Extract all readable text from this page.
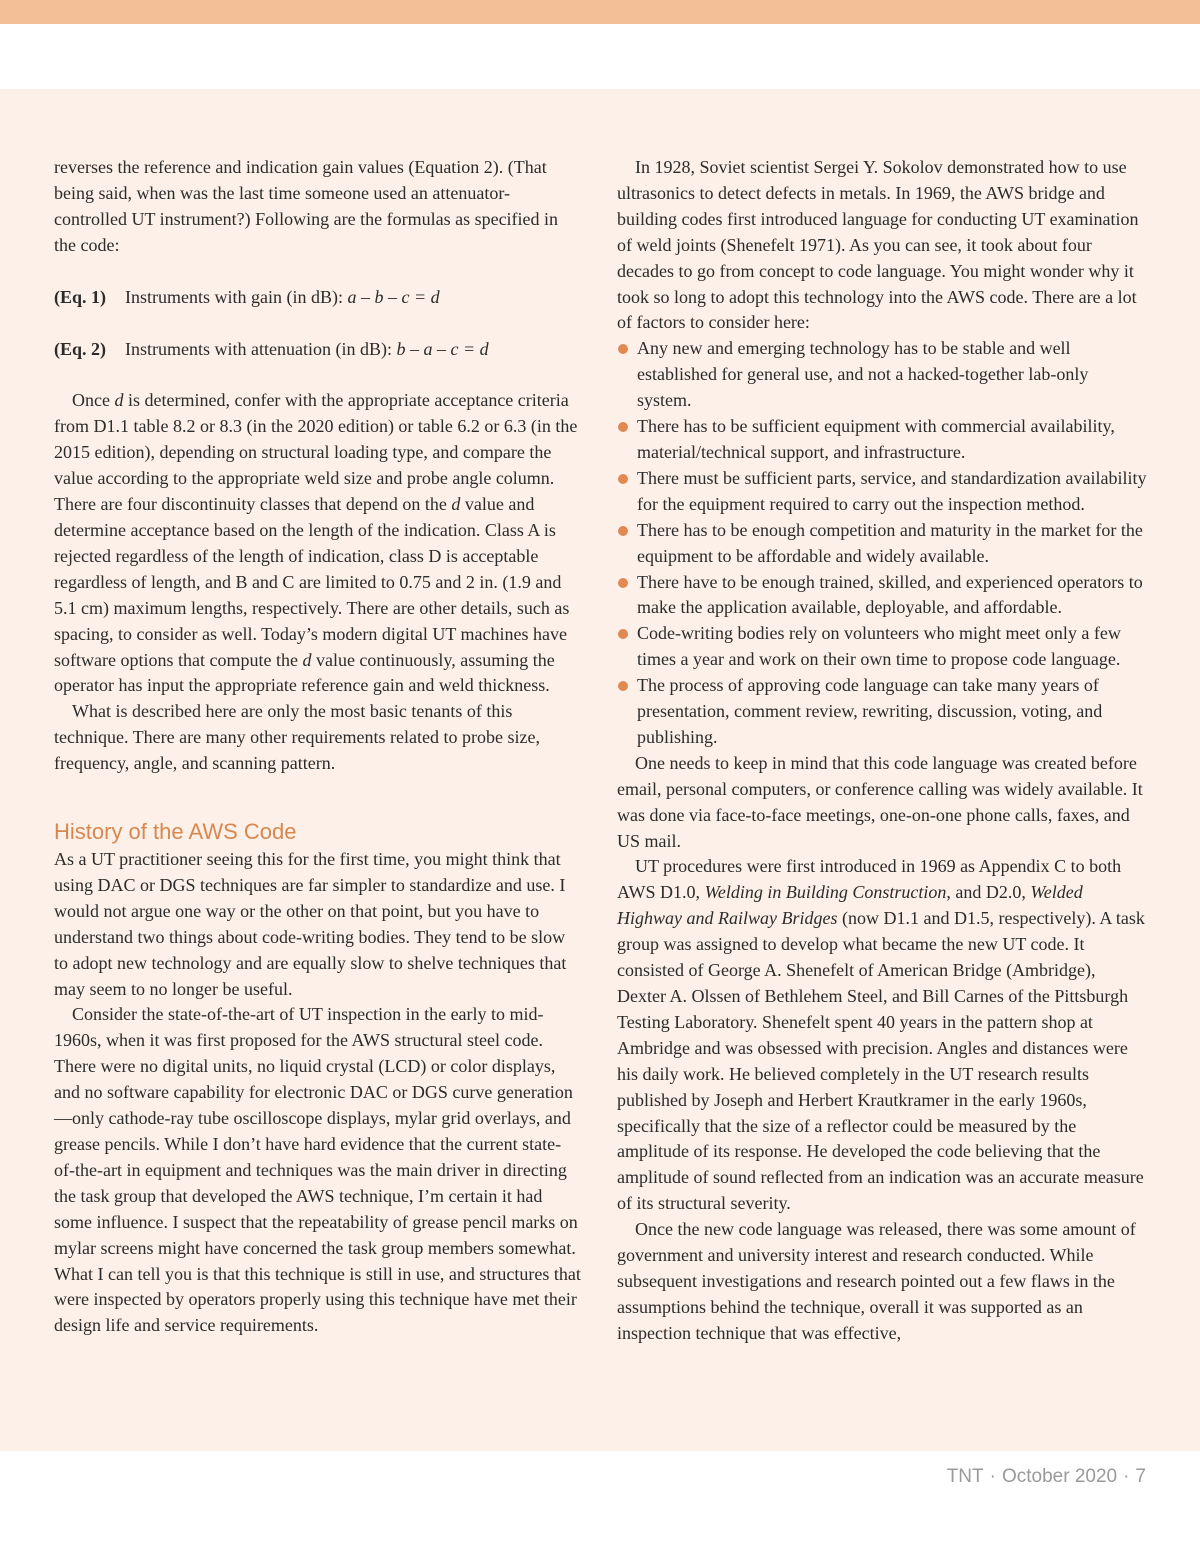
reverses the reference and indication gain values (Equation 2). (That being said, when was the last time someone used an attenuator-controlled UT instrument?) Following are the formulas as specified in the code:

(Eq. 1) Instruments with gain (in dB): a – b – c = d

(Eq. 2) Instruments with attenuation (in dB): b – a – c = d

Once d is determined, confer with the appropriate acceptance criteria from D1.1 table 8.2 or 8.3 (in the 2020 edition) or table 6.2 or 6.3 (in the 2015 edition), depending on structural loading type, and compare the value according to the appropriate weld size and probe angle column. There are four discontinuity classes that depend on the d value and determine acceptance based on the length of the indication. Class A is rejected regardless of the length of indication, class D is acceptable regardless of length, and B and C are limited to 0.75 and 2 in. (1.9 and 5.1 cm) maximum lengths, respectively. There are other details, such as spacing, to consider as well. Today’s modern digital UT machines have software options that compute the d value continuously, assuming the operator has input the appropriate reference gain and weld thickness.

What is described here are only the most basic tenants of this technique. There are many other requirements related to probe size, frequency, angle, and scanning pattern.

History of the AWS Code

As a UT practitioner seeing this for the first time, you might think that using DAC or DGS techniques are far simpler to standardize and use. I would not argue one way or the other on that point, but you have to understand two things about code-writing bodies. They tend to be slow to adopt new technology and are equally slow to shelve techniques that may seem to no longer be useful.

Consider the state-of-the-art of UT inspection in the early to mid-1960s, when it was first proposed for the AWS structural steel code. There were no digital units, no liquid crystal (LCD) or color displays, and no software capability for electronic DAC or DGS curve generation—only cathode-ray tube oscilloscope displays, mylar grid overlays, and grease pencils. While I don’t have hard evidence that the current state-of-the-art in equipment and techniques was the main driver in directing the task group that developed the AWS technique, I’m certain it had some influence. I suspect that the repeatability of grease pencil marks on mylar screens might have concerned the task group members somewhat. What I can tell you is that this technique is still in use, and structures that were inspected by operators properly using this technique have met their design life and service requirements.

In 1928, Soviet scientist Sergei Y. Sokolov demonstrated how to use ultrasonics to detect defects in metals. In 1969, the AWS bridge and building codes first introduced language for conducting UT examination of weld joints (Shenefelt 1971). As you can see, it took about four decades to go from concept to code language. You might wonder why it took so long to adopt this technology into the AWS code. There are a lot of factors to consider here:

Any new and emerging technology has to be stable and well established for general use, and not a hacked-together lab-only system.
There has to be sufficient equipment with commercial availability, material/technical support, and infrastructure.
There must be sufficient parts, service, and standardization availability for the equipment required to carry out the inspection method.
There has to be enough competition and maturity in the market for the equipment to be affordable and widely available.
There have to be enough trained, skilled, and experienced operators to make the application available, deployable, and affordable.
Code-writing bodies rely on volunteers who might meet only a few times a year and work on their own time to propose code language.
The process of approving code language can take many years of presentation, comment review, rewriting, discussion, voting, and publishing.

One needs to keep in mind that this code language was created before email, personal computers, or conference calling was widely available. It was done via face-to-face meetings, one-on-one phone calls, faxes, and US mail.

UT procedures were first introduced in 1969 as Appendix C to both AWS D1.0, Welding in Building Construction, and D2.0, Welded Highway and Railway Bridges (now D1.1 and D1.5, respectively). A task group was assigned to develop what became the new UT code. It consisted of George A. Shenefelt of American Bridge (Ambridge), Dexter A. Olssen of Bethlehem Steel, and Bill Carnes of the Pittsburgh Testing Laboratory. Shenefelt spent 40 years in the pattern shop at Ambridge and was obsessed with precision. Angles and distances were his daily work. He believed completely in the UT research results published by Joseph and Herbert Krautkramer in the early 1960s, specifically that the size of a reflector could be measured by the amplitude of its response. He developed the code believing that the amplitude of sound reflected from an indication was an accurate measure of its structural severity.

Once the new code language was released, there was some amount of government and university interest and research conducted. While subsequent investigations and research pointed out a few flaws in the assumptions behind the technique, overall it was supported as an inspection technique that was effective,

TNT · October 2020 · 7
